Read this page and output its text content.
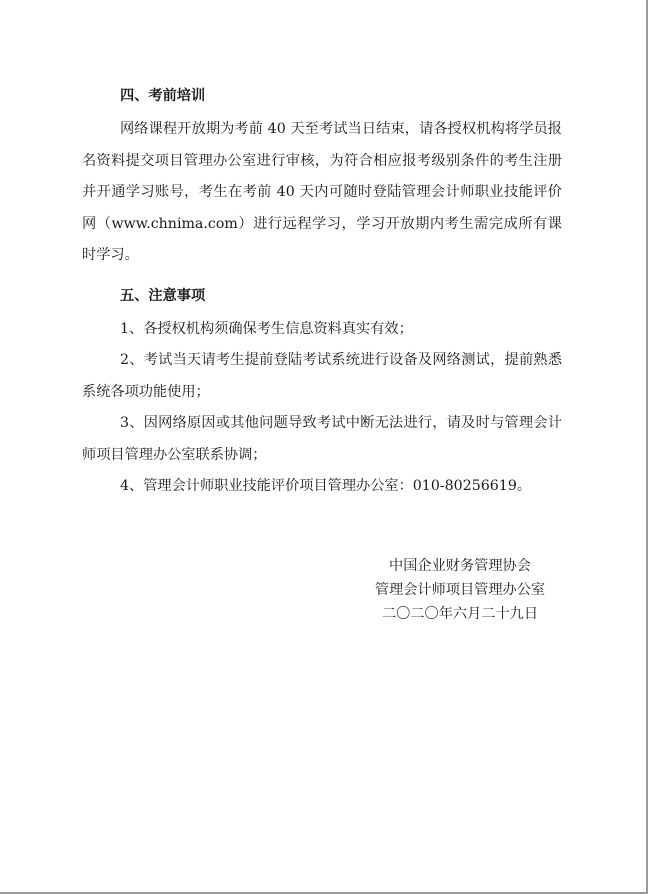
四、考前培训

网络课程开放期为考前 40 天至考试当日结束，请各授权机构将学员报名资料提交项目管理办公室进行审核，为符合相应报考级别条件的考生注册并开通学习账号，考生在考前 40 天内可随时登陆管理会计师职业技能评价网（www.chnima.com）进行远程学习，学习开放期内考生需完成所有课时学习。

五、注意事项

1、各授权机构须确保考生信息资料真实有效；

2、考试当天请考生提前登陆考试系统进行设备及网络测试，提前熟悉系统各项功能使用；

3、因网络原因或其他问题导致考试中断无法进行，请及时与管理会计师项目管理办公室联系协调；

4、管理会计师职业技能评价项目管理办公室：010-80256619。

中国企业财务管理协会
管理会计师项目管理办公室
二〇二〇年六月二十九日
